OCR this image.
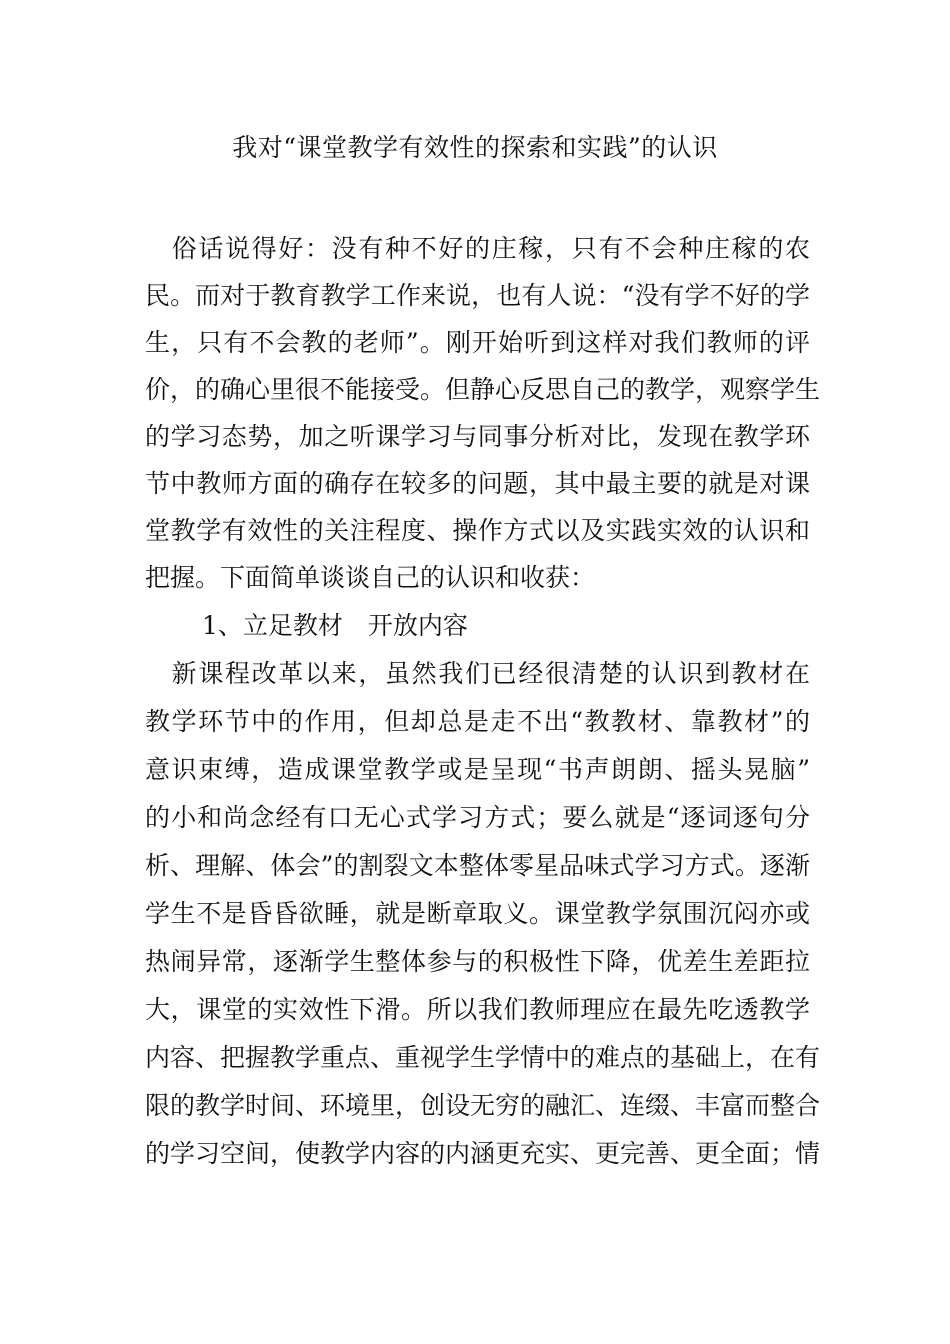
我对“课堂教学有效性的探索和实践”的认识
　俗话说得好：没有种不好的庄稼，只有不会种庄稼的农
民。而对于教育教学工作来说，也有人说：“没有学不好的学
生，只有不会教的老师”。刚开始听到这样对我们教师的评
价，的确心里很不能接受。但静心反思自己的教学，观察学生
的学习态势，加之听课学习与同事分析对比，发现在教学环
节中教师方面的确存在较多的问题，其中最主要的就是对课
堂教学有效性的关注程度、操作方式以及实践实效的认识和
把握。下面简单谈谈自己的认识和收获：
1、立足教材　开放内容
　新课程改革以来，虽然我们已经很清楚的认识到教材在
教学环节中的作用，但却总是走不出“教教材、靠教材”的
意识束缚，造成课堂教学或是呈现“书声朗朗、摇头晃脑”
的小和尚念经有口无心式学习方式；要么就是“逐词逐句分
析、理解、体会”的割裂文本整体零星品味式学习方式。逐渐
学生不是昏昏欲睡，就是断章取义。课堂教学氛围沉闷亦或
热闹异常，逐渐学生整体参与的积极性下降，优差生差距拉
大，课堂的实效性下滑。所以我们教师理应在最先吃透教学
内容、把握教学重点、重视学生学情中的难点的基础上，在有
限的教学时间、环境里，创设无穷的融汇、连缀、丰富而整合
的学习空间，使教学内容的内涵更充实、更完善、更全面；情
